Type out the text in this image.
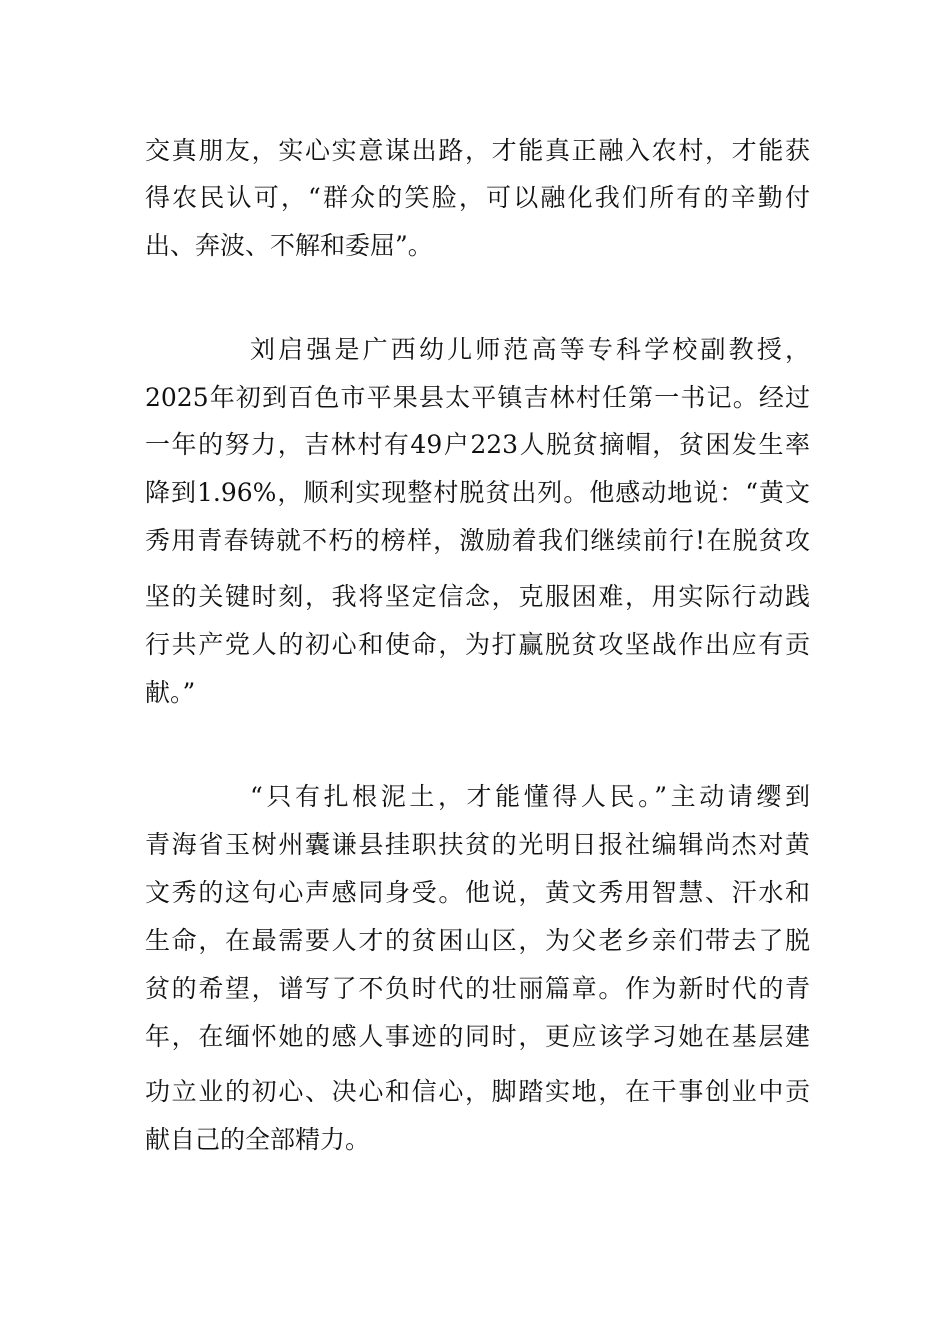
交真朋友，实心实意谋出路，才能真正融入农村，才能获
得农民认可，“群众的笑脸，可以融化我们所有的辛勤付
出、奔波、不解和委屈”。
刘启强是广西幼儿师范高等专科学校副教授，
2025年初到百色市平果县太平镇吉林村任第一书记。经过
一年的努力，吉林村有49户223人脱贫摘帽，贫困发生率
降到1.96%，顺利实现整村脱贫出列。他感动地说：“黄文
秀用青春铸就不朽的榜样，激励着我们继续前行!在脱贫攻
坚的关键时刻，我将坚定信念，克服困难，用实际行动践
行共产党人的初心和使命，为打赢脱贫攻坚战作出应有贡
献。”
“只有扎根泥土，才能懂得人民。”主动请缨到
青海省玉树州囊谦县挂职扶贫的光明日报社编辑尚杰对黄
文秀的这句心声感同身受。他说，黄文秀用智慧、汗水和
生命，在最需要人才的贫困山区，为父老乡亲们带去了脱
贫的希望，谱写了不负时代的壮丽篇章。作为新时代的青
年，在缅怀她的感人事迹的同时，更应该学习她在基层建
功立业的初心、决心和信心，脚踏实地，在干事创业中贡
献自己的全部精力。
